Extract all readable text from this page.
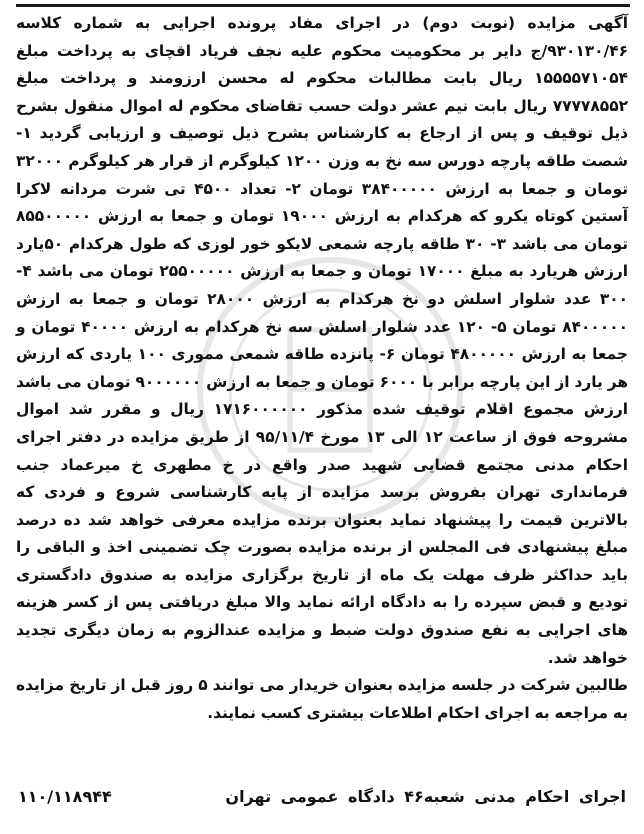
آگهی مزایده (نوبت دوم) در اجرای مفاد پرونده اجرایی به شماره کلاسه ۹۳۰۱۳۰/۴۶/ج دایر بر محکومیت محکوم علیه نجف فریاد اقچای به پرداخت مبلغ ۱۵۵۵۵۷۱۰۵۴ ریال بابت مطالبات محکوم له محسن ارزومند و پرداخت مبلغ ۷۷۷۷۸۵۵۲ ریال بابت نیم عشر دولت حسب تقاضای محکوم له اموال منقول بشرح ذیل توقیف و پس از ارجاع به کارشناس بشرح ذیل توصیف و ارزیابی گردید ۱- شصت طاقه پارچه دورس سه نخ به وزن ۱۲۰۰ کیلوگرم از قرار هر کیلوگرم ۳۲۰۰۰ تومان و جمعا به ارزش ۳۸۴۰۰۰۰۰ تومان ۲- تعداد ۴۵۰۰ تی شرت مردانه لاکرا آستین کوتاه یکرو که هرکدام به ارزش ۱۹۰۰۰ تومان و جمعا به ارزش ۸۵۵۰۰۰۰۰ تومان می باشد ۳- ۳۰ طاقه پارچه شمعی لایکو خور لوزی که طول هرکدام ۵۰یارد ارزش هریارد به مبلغ ۱۷۰۰۰ تومان و جمعا به ارزش ۲۵۵۰۰۰۰۰ تومان می باشد ۴- ۳۰۰ عدد شلوار اسلش دو نخ هرکدام به ارزش ۲۸۰۰۰ تومان و جمعا به ارزش ۸۴۰۰۰۰۰ تومان ۵- ۱۲۰ عدد شلوار اسلش سه نخ هرکدام به ارزش ۴۰۰۰۰ تومان و جمعا به ارزش ۴۸۰۰۰۰۰ تومان ۶- پانزده طاقه شمعی مموری ۱۰۰ یاردی که ارزش هر یارد از این پارچه برابر با ۶۰۰۰ تومان و جمعا به ارزش ۹۰۰۰۰۰۰ تومان می باشد ارزش مجموع اقلام توقیف شده مذکور ۱۷۱۶۰۰۰۰۰۰ ریال و مقرر شد اموال مشروحه فوق از ساعت ۱۲ الی ۱۳ مورخ ۹۵/۱۱/۴ از طریق مزایده در دفتر اجرای احکام مدنی مجتمع قضایی شهید صدر واقع در خ مطهری خ میرعماد جنب فرمانداری تهران بفروش برسد مزایده از پایه کارشناسی شروع و فردی که بالاترین قیمت را پیشنهاد نماید بعنوان برنده مزایده معرفی خواهد شد ده درصد مبلغ پیشنهادی فی المجلس از برنده مزایده بصورت چک تضمینی اخذ و الباقی را باید حداکثر ظرف مهلت یک ماه از تاریخ برگزاری مزایده به صندوق دادگستری تودیع و قبض سپرده را به دادگاه ارائه نماید والا مبلغ دریافتی پس از کسر هزینه های اجرایی به نفع صندوق دولت ضبط و مزایده عندالزوم به زمان دیگری تجدید خواهد شد.

طالبین شرکت در جلسه مزایده بعنوان خریدار می توانند ۵ روز قبل از تاریخ مزایده به مراجعه به اجرای احکام اطلاعات بیشتری کسب نمایند.

اجرای احکام مدنی شعبه۴۶ دادگاه عمومی تهران
۱۱۰/۱۱۸۹۴۴
